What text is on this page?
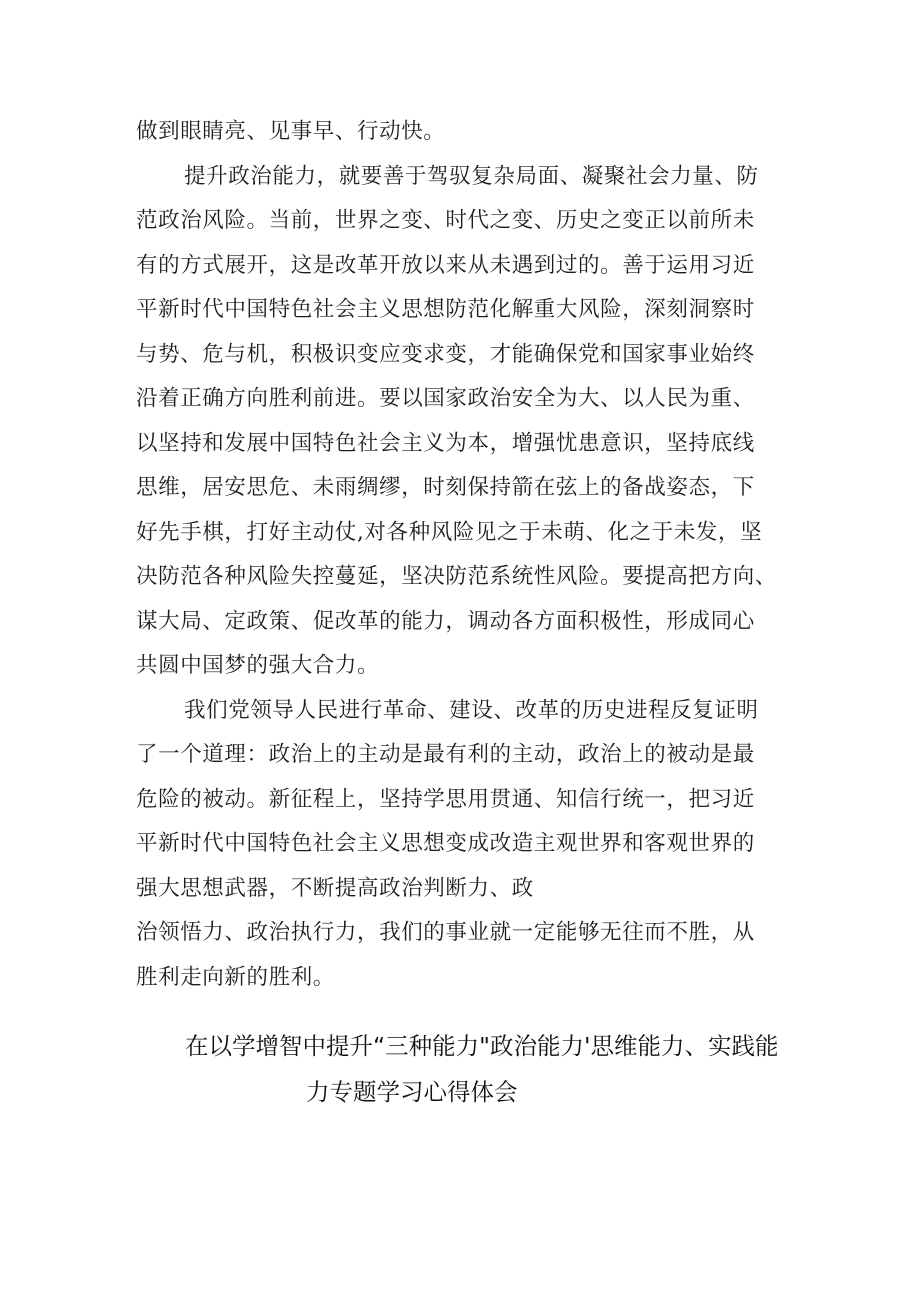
做到眼睛亮、见事早、行动快。
提升政治能力，就要善于驾驭复杂局面、凝聚社会力量、防
范政治风险。当前，世界之变、时代之变、历史之变正以前所未
有的方式展开，这是改革开放以来从未遇到过的。善于运用习近
平新时代中国特色社会主义思想防范化解重大风险，深刻洞察时
与势、危与机，积极识变应变求变，才能确保党和国家事业始终
沿着正确方向胜利前进。要以国家政治安全为大、以人民为重、
以坚持和发展中国特色社会主义为本，增强忧患意识，坚持底线
思维，居安思危、未雨绸缪，时刻保持箭在弦上的备战姿态，下
好先手棋，打好主动仗,对各种风险见之于未萌、化之于未发，坚
决防范各种风险失控蔓延，坚决防范系统性风险。要提高把方向、
谋大局、定政策、促改革的能力，调动各方面积极性，形成同心
共圆中国梦的强大合力。
我们党领导人民进行革命、建设、改革的历史进程反复证明
了一个道理：政治上的主动是最有利的主动，政治上的被动是最
危险的被动。新征程上，坚持学思用贯通、知信行统一，把习近
平新时代中国特色社会主义思想变成改造主观世界和客观世界的
强大思想武器，不断提高政治判断力、政
治领悟力、政治执行力，我们的事业就一定能够无往而不胜，从
胜利走向新的胜利。
在以学增智中提升“三种能力"政治能力'思维能力、实践能
力专题学习心得体会
